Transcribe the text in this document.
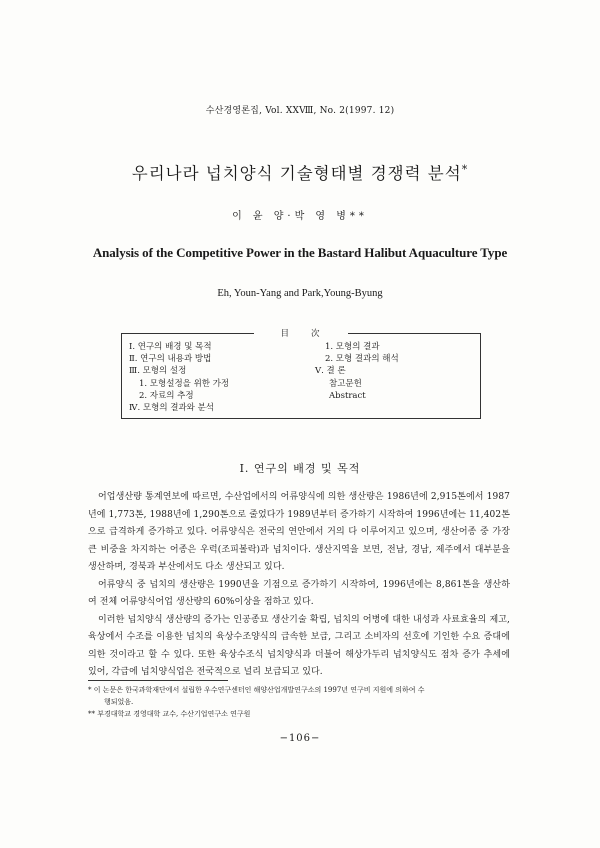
수산경영론집, Vol. XXⅧ, No. 2(1997. 12)
우리나라 넙치양식 기술형태별 경쟁력 분석*
이 윤 양·박 영 병**
Analysis of the Competitive Power in the Bastard Halibut Aquaculture Type
Eh, Youn-Yang and Park,Young-Byung
目次
Ⅰ. 연구의 배경 및 목적
Ⅱ. 연구의 내용과 방법
Ⅲ. 모형의 설정
1. 모형설정을 위한 가정
2. 자료의 추정
Ⅳ. 모형의 결과와 분석
1. 모형의 결과
2. 모형 결과의 해석
Ⅴ. 결 론
참고문헌
Abstract
Ⅰ. 연구의 배경 및 목적

어업생산량 통계연보에 따르면, 수산업에서의 어류양식에 의한 생산량은 1986년에 2,915톤에서 1987년에 1,773톤, 1988년에 1,290톤으로 줄었다가 1989년부터 증가하기 시작하여 1996년에는 11,402톤으로 급격하게 증가하고 있다. 어류양식은 전국의 연안에서 거의 다 이루어지고 있으며, 생산어종 중 가장 큰 비중을 차지하는 어종은 우럭(조피볼락)과 넙치이다. 생산지역을 보면, 전남, 경남, 제주에서 대부분을 생산하며, 경북과 부산에서도 다소 생산되고 있다.

어류양식 중 넙치의 생산량은 1990년을 기점으로 증가하기 시작하여, 1996년에는 8,861톤을 생산하여 전체 어류양식어업 생산량의 60%이상을 점하고 있다.

이러한 넙치양식 생산량의 증가는 인공종묘 생산기술 확립, 넙치의 어병에 대한 내성과 사료효율의 제고, 육상에서 수조를 이용한 넙치의 육상수조양식의 급속한 보급, 그리고 소비자의 선호에 기인한 수요 증대에 의한 것이라고 할 수 있다. 또한 육상수조식 넙치양식과 더불어 해상가두리 넙치양식도 점차 증가 추세에 있어, 각급에 넙치양식업은 전국적으로 널리 보급되고 있다.

* 이 논문은 한국과학재단에서 설립한 우수연구센터인 해양산업개발연구소의 1997년 연구비 지원에 의하여 수
행되었음.
** 부경대학교 경영대학 교수, 수산기업연구소 연구원
−106−
